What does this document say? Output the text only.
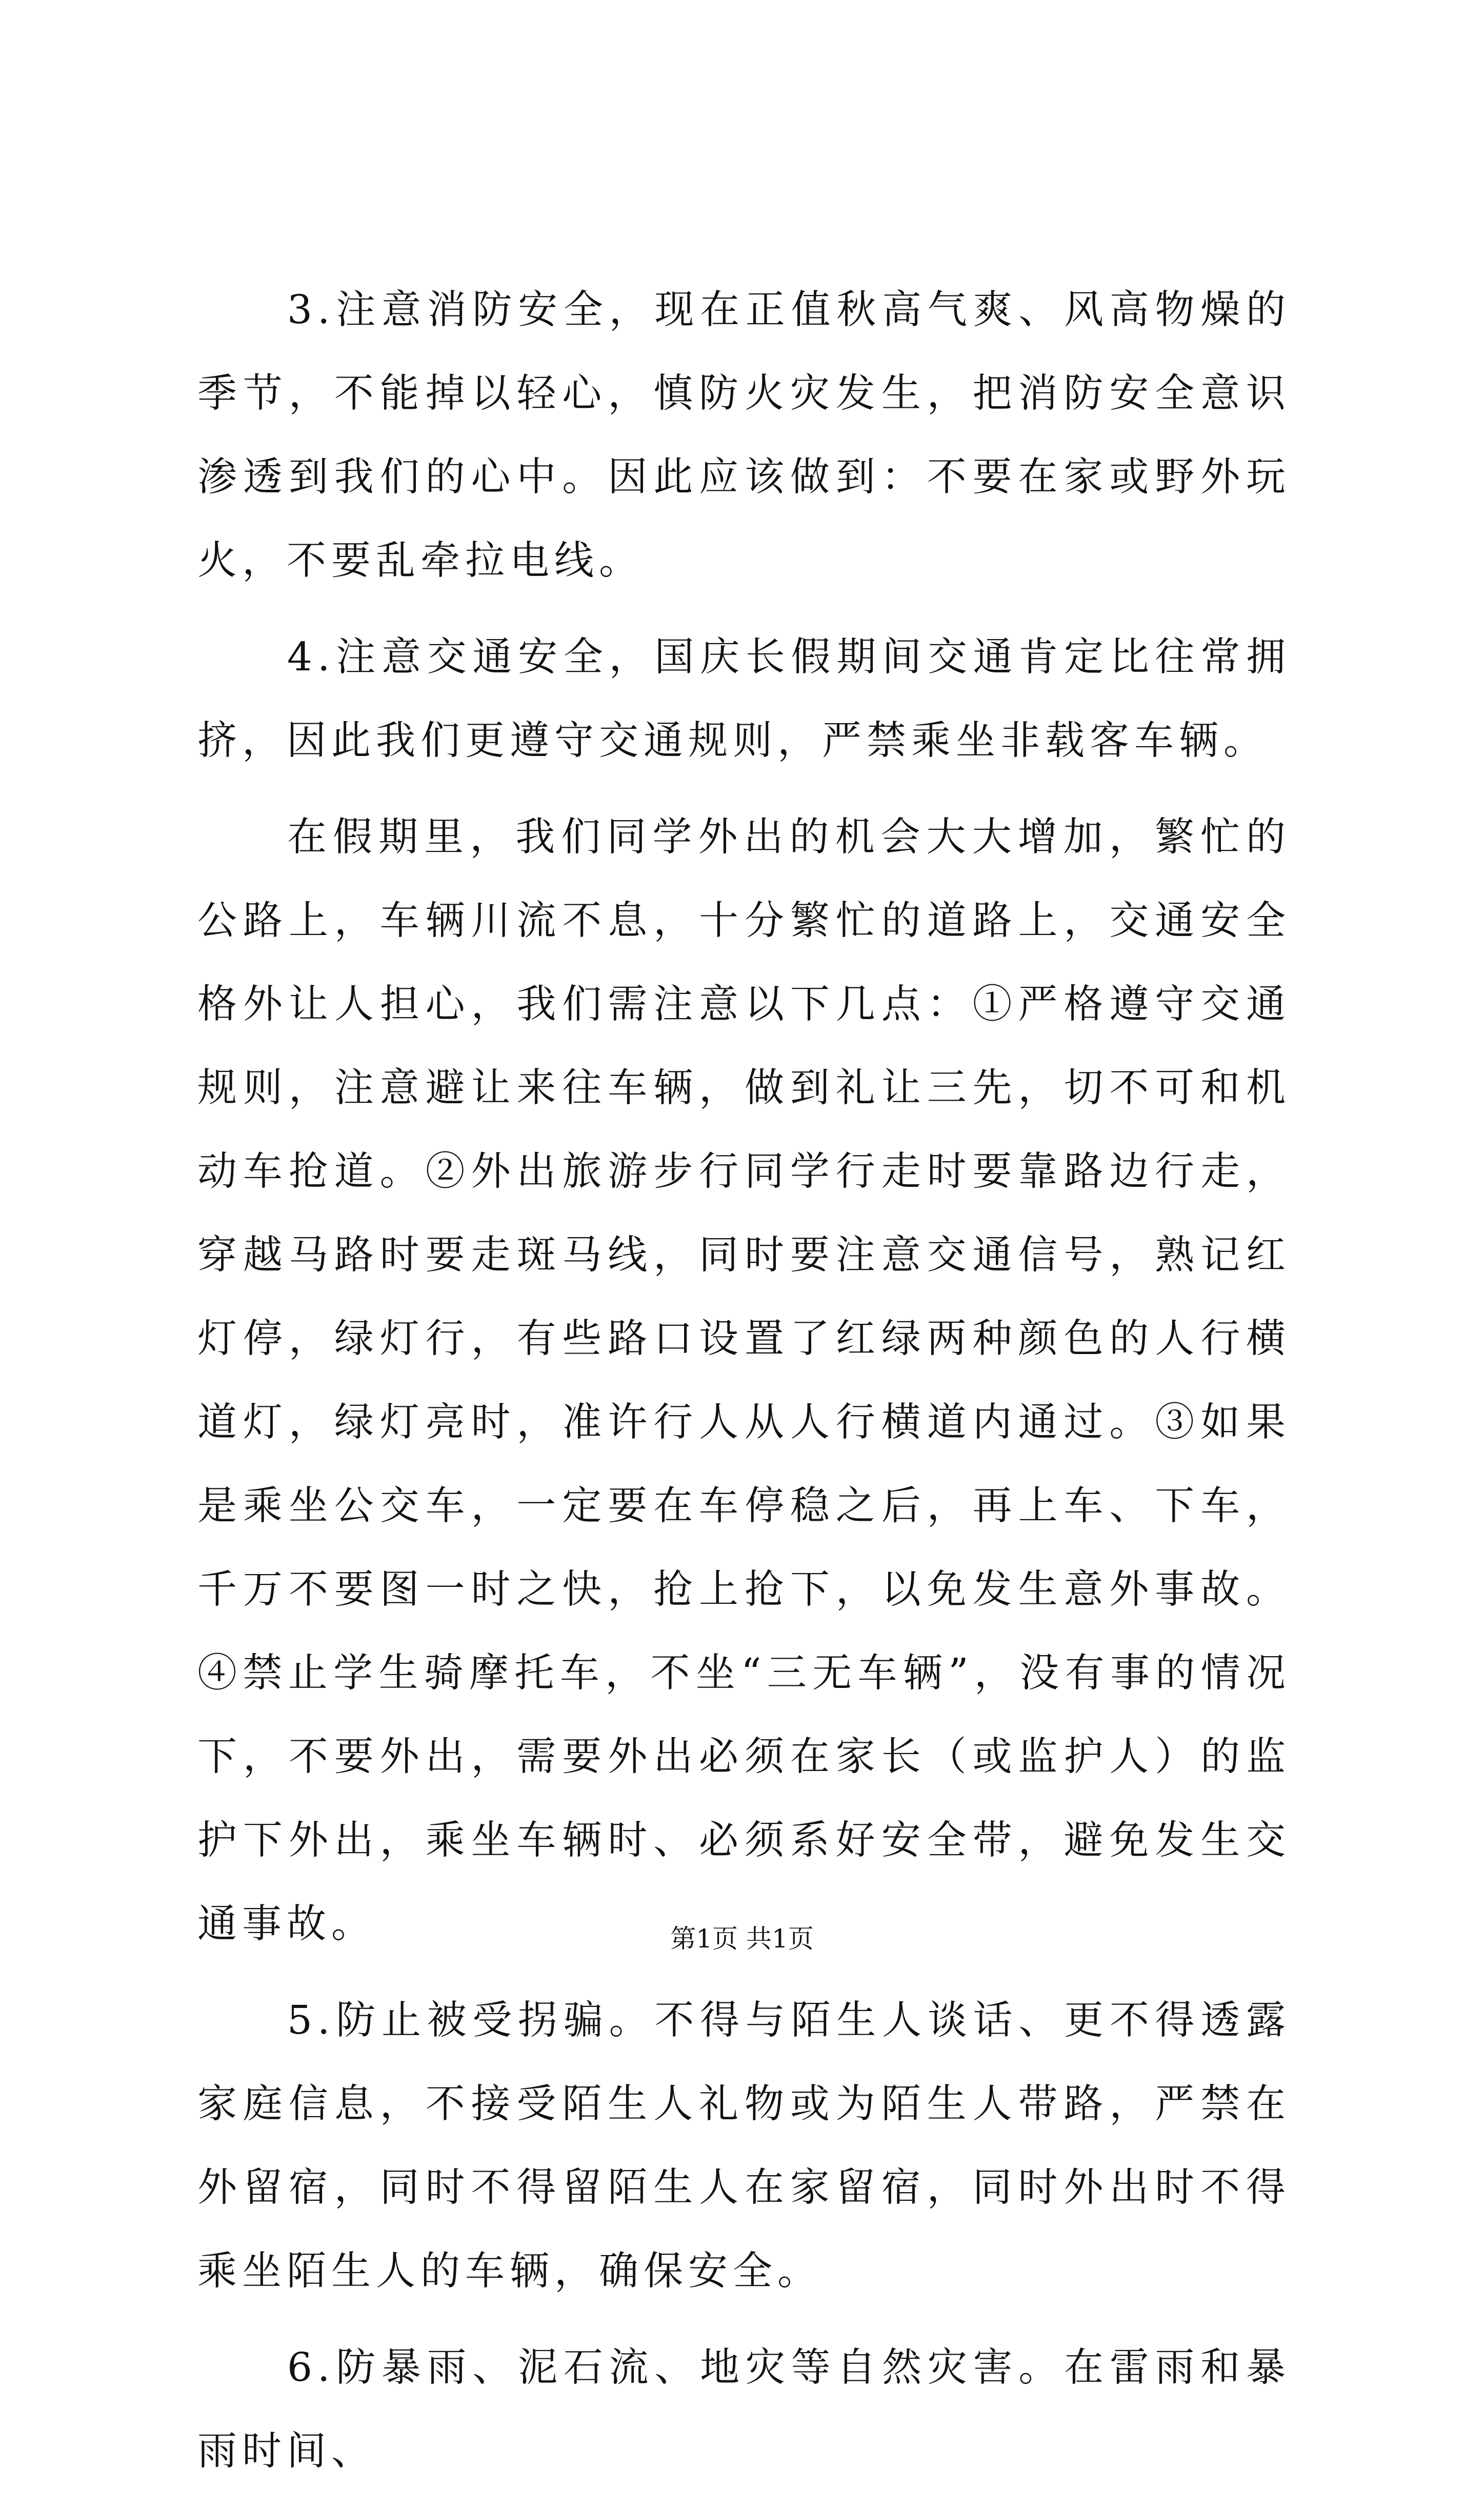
3.注意消防安全，现在正值秋高气爽、风高物燥的季节，不能掉以轻心，慎防火灾发生，把消防安全意识渗透到我们的心中。因此应该做到：不要在家或野外玩火，不要乱牵拉电线。

4.注意交通安全，国庆长假期间交通肯定比往常拥挤，因此我们更遵守交通规则，严禁乘坐非载客车辆。

在假期里，我们同学外出的机会大大增加，繁忙的公路上，车辆川流不息，十分繁忙的道路上，交通安全格外让人担心，我们需注意以下几点：①严格遵守交通规则，注意避让来往车辆，做到礼让三先，切不可和机动车抢道。②外出旅游步行同学行走时要靠路边行走，穿越马路时要走斑马线，同时要注意交通信号，熟记红灯停，绿灯行，有些路口设置了红绿两种颜色的人行横道灯，绿灯亮时，准许行人从人行横道内通过。③如果是乘坐公交车，一定要在车停稳之后，再上车、下车，千万不要图一时之快，抢上抢下，以免发生意外事故。④禁止学生骑摩托车，不坐“三无车辆”，没有事的情况下，不要外出，需要外出必须在家长（或监护人）的监护下外出，乘坐车辆时、必须系好安全带，避免发生交通事故。

5.防止被受拐骗。不得与陌生人谈话、更不得透露家庭信息，不接受陌生人礼物或为陌生人带路，严禁在外留宿，同时不得留陌生人在家留宿，同时外出时不得乘坐陌生人的车辆，确保安全。

6.防暴雨、泥石流、地灾等自然灾害。在雷雨和暴雨时间、

第1页 共1页
